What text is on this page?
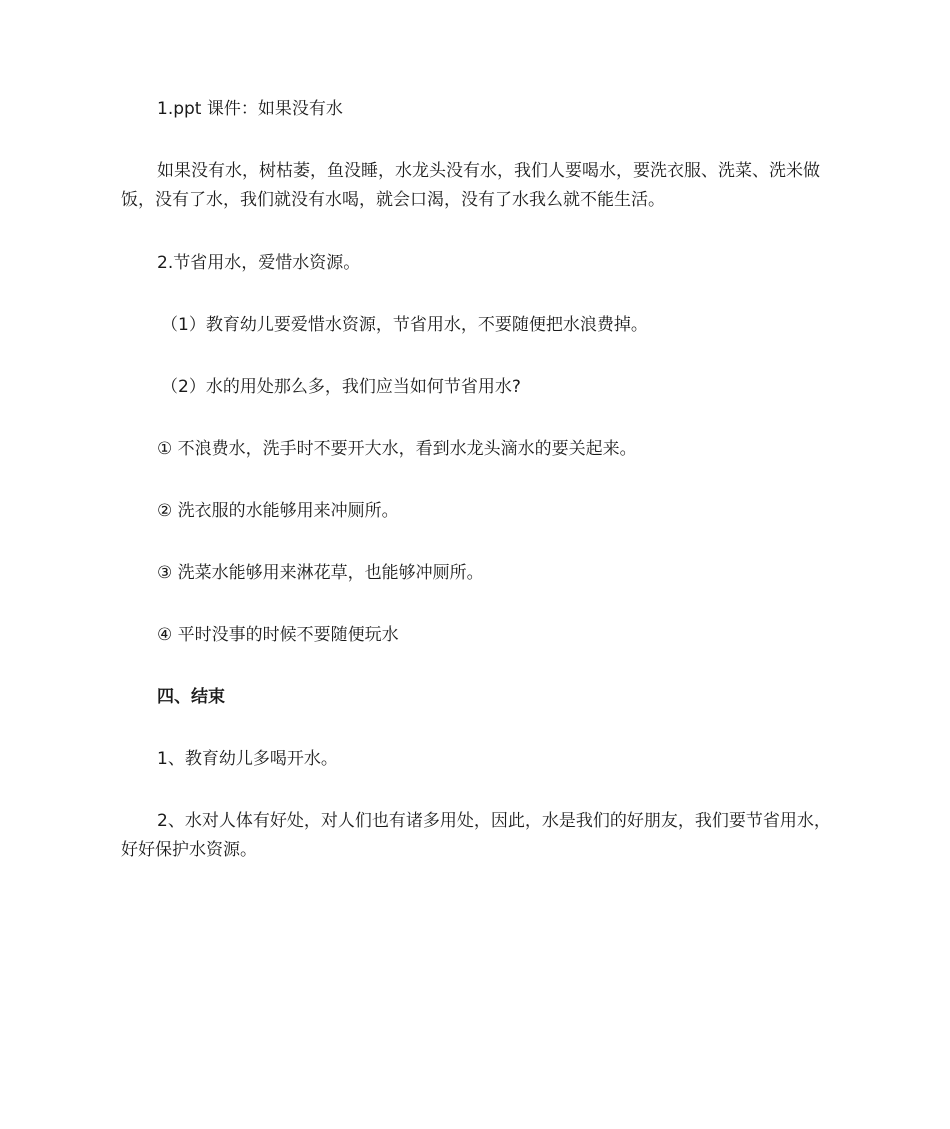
1.ppt 课件：如果没有水

如果没有水，树枯萎，鱼没睡，水龙头没有水，我们人要喝水，要洗衣服、洗菜、洗米做饭，没有了水，我们就没有水喝，就会口渴，没有了水我么就不能生活。

2.节省用水，爱惜水资源。

（1）教育幼儿要爱惜水资源，节省用水，不要随便把水浪费掉。

（2）水的用处那么多，我们应当如何节省用水?

① 不浪费水，洗手时不要开大水，看到水龙头滴水的要关起来。

② 洗衣服的水能够用来冲厕所。

③ 洗菜水能够用来淋花草，也能够冲厕所。

④ 平时没事的时候不要随便玩水

四、结束

1、教育幼儿多喝开水。

2、水对人体有好处，对人们也有诸多用处，因此，水是我们的好朋友，我们要节省用水，好好保护水资源。
